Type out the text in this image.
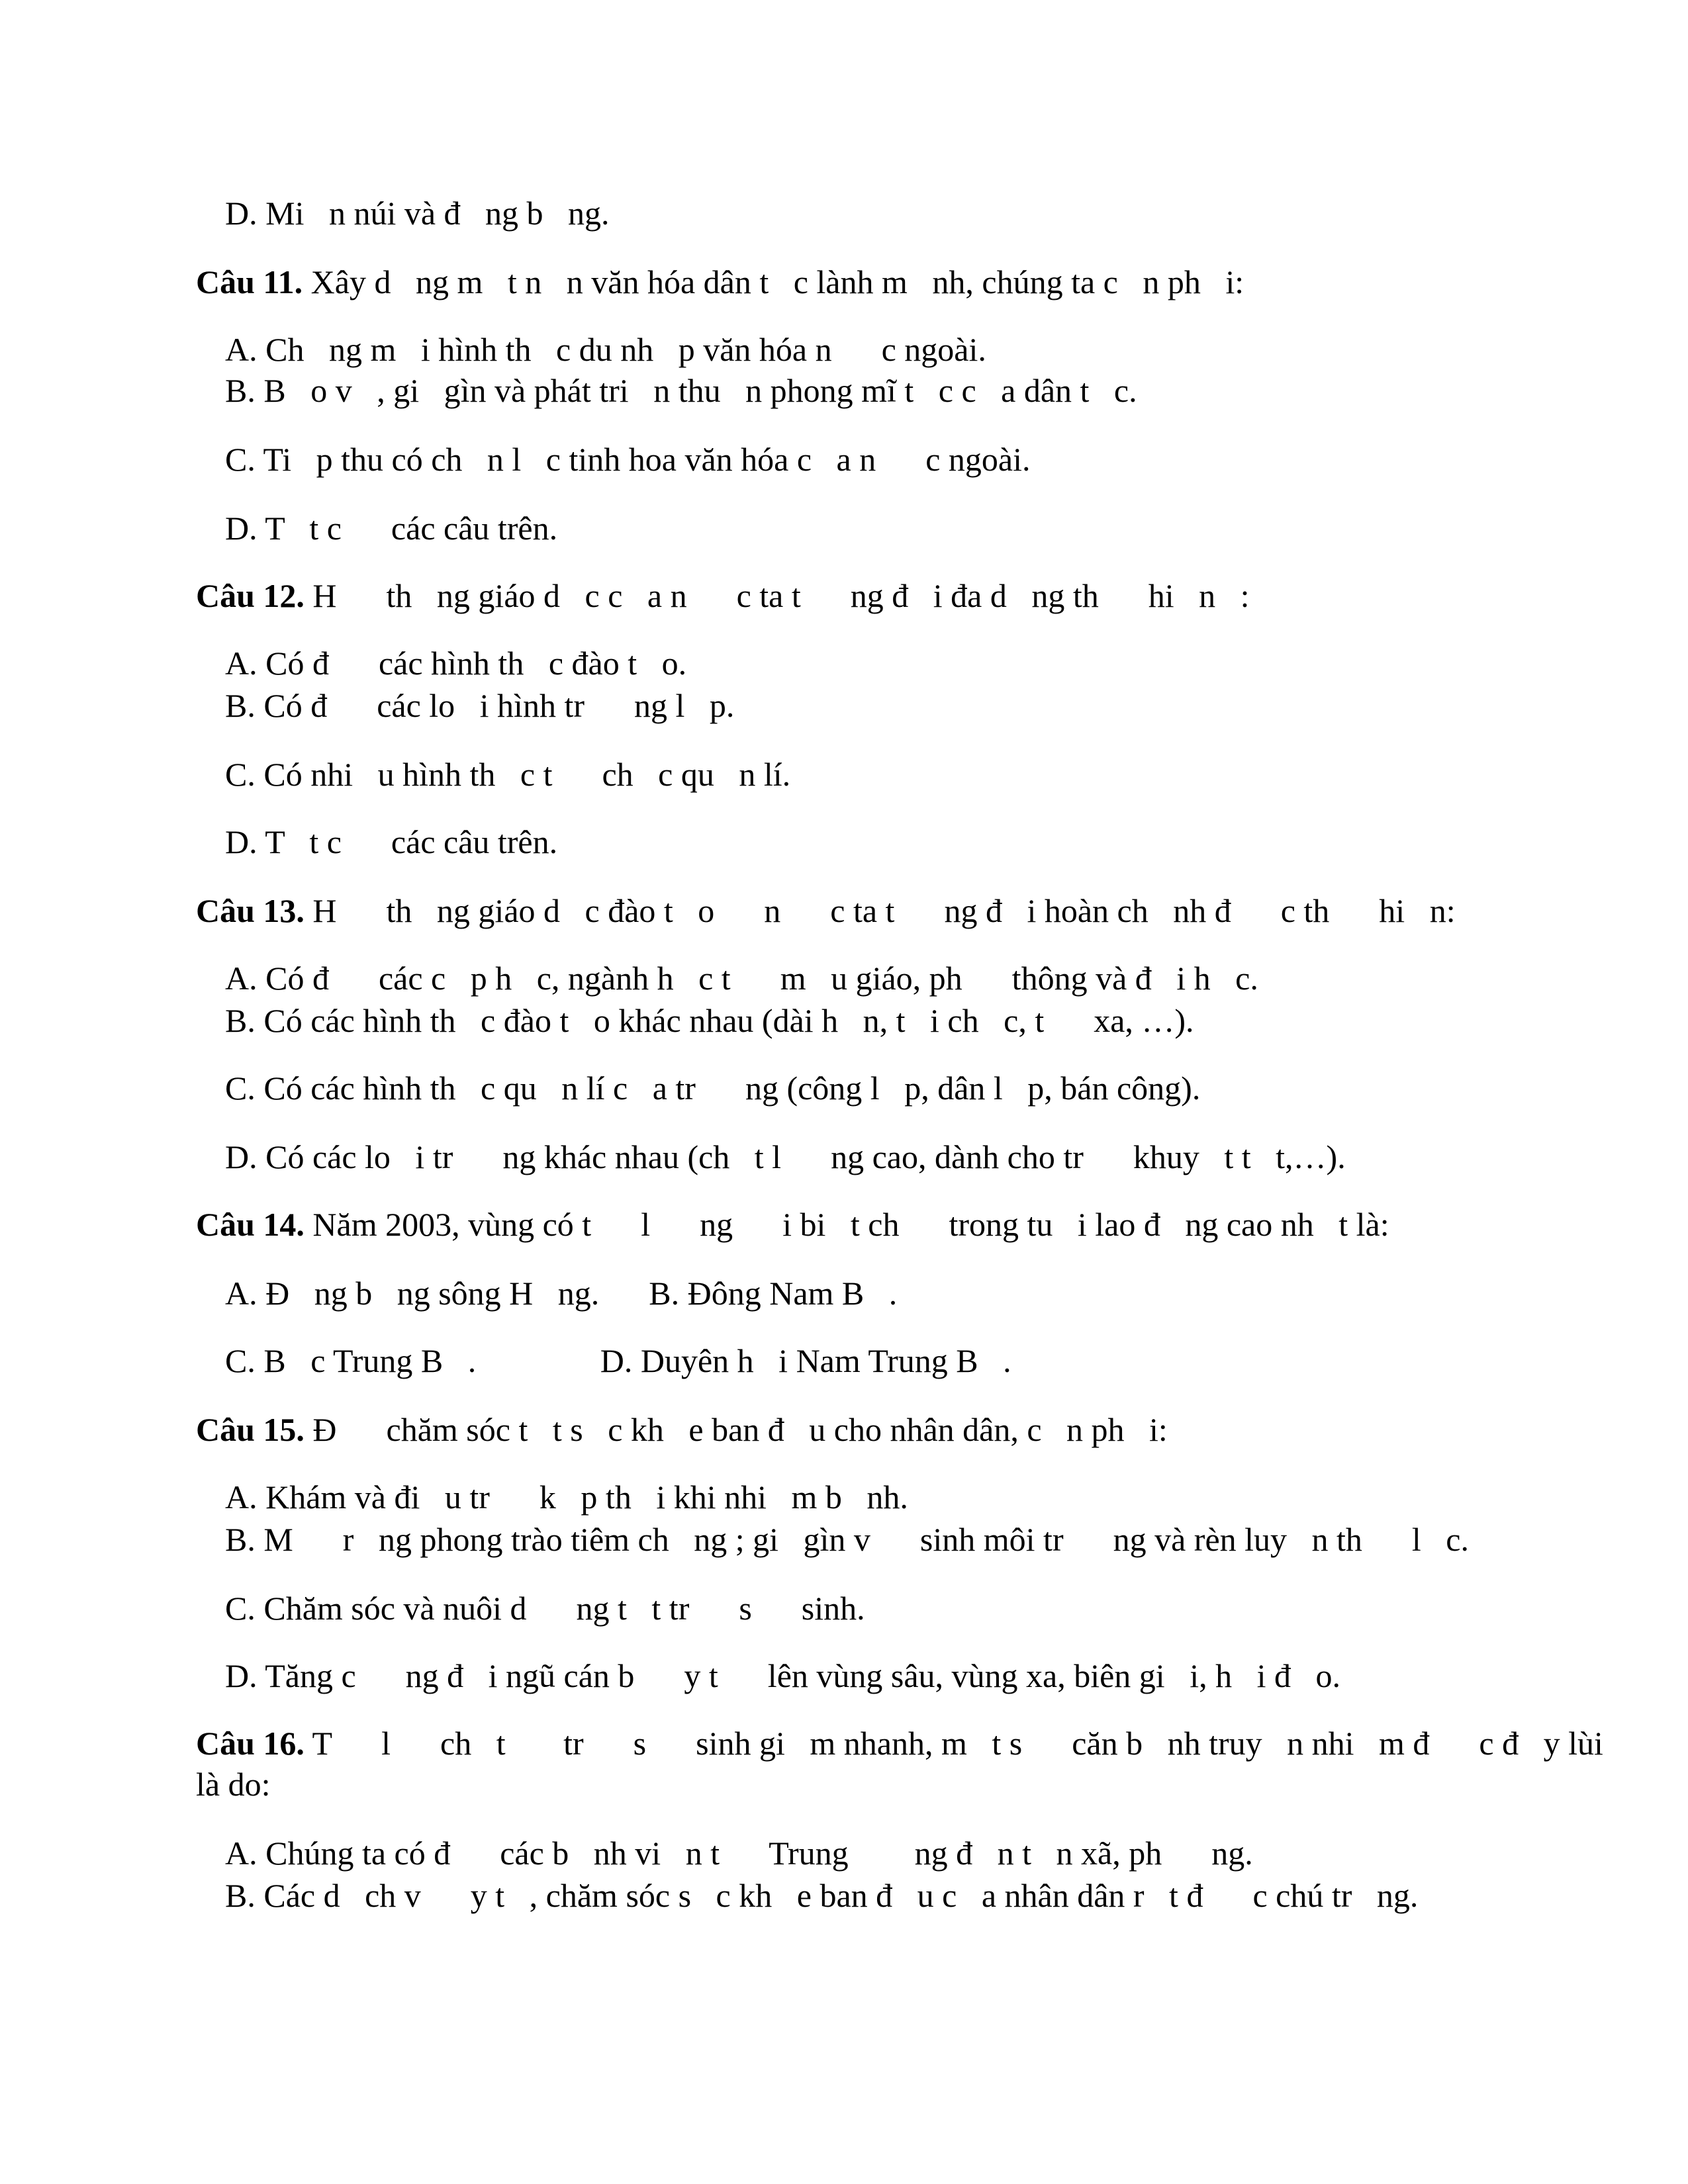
D. Mi   n núi và đ   ng b   ng.

Câu 11. Xây d   ng m   t n   n văn hóa dân t   c lành m   nh, chúng ta c   n ph   i:

A. Ch   ng m   i hình th   c du nh   p văn hóa n      c ngoài.

B. B   o v   , gi   gìn và phát tri   n thu   n phong mĩ t   c c   a dân t   c.

C. Ti   p thu có ch   n l   c tinh hoa văn hóa c   a n      c ngoài.

D. T   t c      các câu trên.

Câu 12. H      th   ng giáo d   c c   a n      c ta t      ng đ   i đa d   ng th      hi   n   :

A. Có đ      các hình th   c đào t   o.

B. Có đ      các lo   i hình tr      ng l   p.

C. Có nhi   u hình th   c t      ch   c qu   n lí.

D. T   t c      các câu trên.

Câu 13. H      th   ng giáo d   c đào t   o      n      c ta t      ng đ   i hoàn ch   nh đ      c th      hi   n:

A. Có đ      các c   p h   c, ngành h   c t      m   u giáo, ph      thông và đ   i h   c.

B. Có các hình th   c đào t   o khác nhau (dài h   n, t   i ch   c, t      xa, …).

C. Có các hình th   c qu   n lí c   a tr      ng (công l   p, dân l   p, bán công).

D. Có các lo   i tr      ng khác nhau (ch   t l      ng cao, dành cho tr      khuy   t t   t,…).

Câu 14. Năm 2003, vùng có t      l      ng      i bi   t ch      trong tu   i lao đ   ng cao nh   t là:

A. Đ   ng b   ng sông H   ng.      B. Đông Nam B   .

C. B   c Trung B   .               D. Duyên h   i Nam Trung B   .

Câu 15. Đ      chăm sóc t   t s   c kh   e ban đ   u cho nhân dân, c   n ph   i:

A. Khám và đi   u tr      k   p th   i khi nhi   m b   nh.

B. M      r   ng phong trào tiêm ch   ng ; gi   gìn v      sinh môi tr      ng và rèn luy   n th      l   c.

C. Chăm sóc và nuôi d      ng t   t tr      s      sinh.

D. Tăng c      ng đ   i ngũ cán b      y t      lên vùng sâu, vùng xa, biên gi   i, h   i đ   o.

Câu 16. T      l      ch   t       tr      s      sinh gi   m nhanh, m   t s      căn b   nh truy   n nhi   m đ      c đ   y lùi

là do:

A. Chúng ta có đ      các b   nh vi   n t      Trung        ng đ   n t   n xã, ph      ng.

B. Các d   ch v      y t   , chăm sóc s   c kh   e ban đ   u c   a nhân dân r   t đ      c chú tr   ng.
